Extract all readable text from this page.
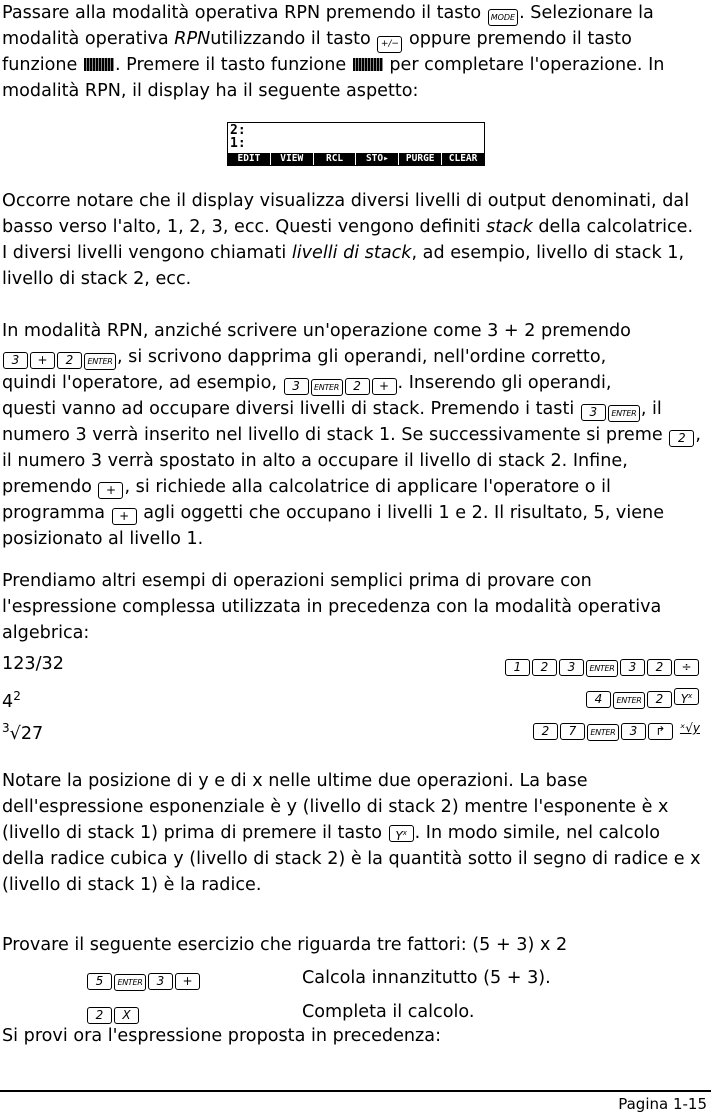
Passare alla modalità operativa RPN premendo il tasto MODE . Selezionare la
modalità operativa RPNutilizzando il tasto +/− oppure premendo il tasto
funzione
. Premere il tasto funzione
per completare l'operazione. In
modalità RPN, il display ha il seguente aspetto:
2:
1:
EDIT	VIEW	RCL	STO▸	PURGE	CLEAR
Occorre notare che il display visualizza diversi livelli di output denominati, dal
basso verso l'alto, 1, 2, 3, ecc. Questi vengono definiti stack della calcolatrice.
I diversi livelli vengono chiamati livelli di stack, ad esempio, livello di stack 1,
livello di stack 2, ecc.
In modalità RPN, anziché scrivere un'operazione come 3 + 2 premendo
3 + 2 ENTER , si scrivono dapprima gli operandi, nell'ordine corretto,
quindi l'operatore, ad esempio, 3 ENTER 2 + . Inserendo gli operandi,
questi vanno ad occupare diversi livelli di stack. Premendo i tasti 3 ENTER , il
numero 3 verrà inserito nel livello di stack 1. Se successivamente si preme 2 ,
il numero 3 verrà spostato in alto a occupare il livello di stack 2. Infine,
premendo + , si richiede alla calcolatrice di applicare l'operatore o il
programma + agli oggetti che occupano i livelli 1 e 2. Il risultato, 5, viene
posizionato al livello 1.
Prendiamo altri esempi di operazioni semplici prima di provare con
l'espressione complessa utilizzata in precedenza con la modalità operativa
algebrica:
123/32	1 2 3 ENTER 3 2 ÷
$4^2$	4 ENTER 2 $Y^x$
$^3$√27	2 7 ENTER 3 ↱ ˣ√y
Notare la posizione di y e di x nelle ultime due operazioni. La base
dell'espressione esponenziale è y (livello di stack 2) mentre l'esponente è x
(livello di stack 1) prima di premere il tasto $Y^x$ . In modo simile, nel calcolo
della radice cubica y (livello di stack 2) è la quantità sotto il segno di radice e x
(livello di stack 1) è la radice.
Provare il seguente esercizio che riguarda tre fattori: (5 + 3) x 2
5 ENTER 3 +	Calcola innanzitutto (5 + 3).
2 X	Completa il calcolo.
Si provi ora l'espressione proposta in precedenza:
Pagina 1-15
